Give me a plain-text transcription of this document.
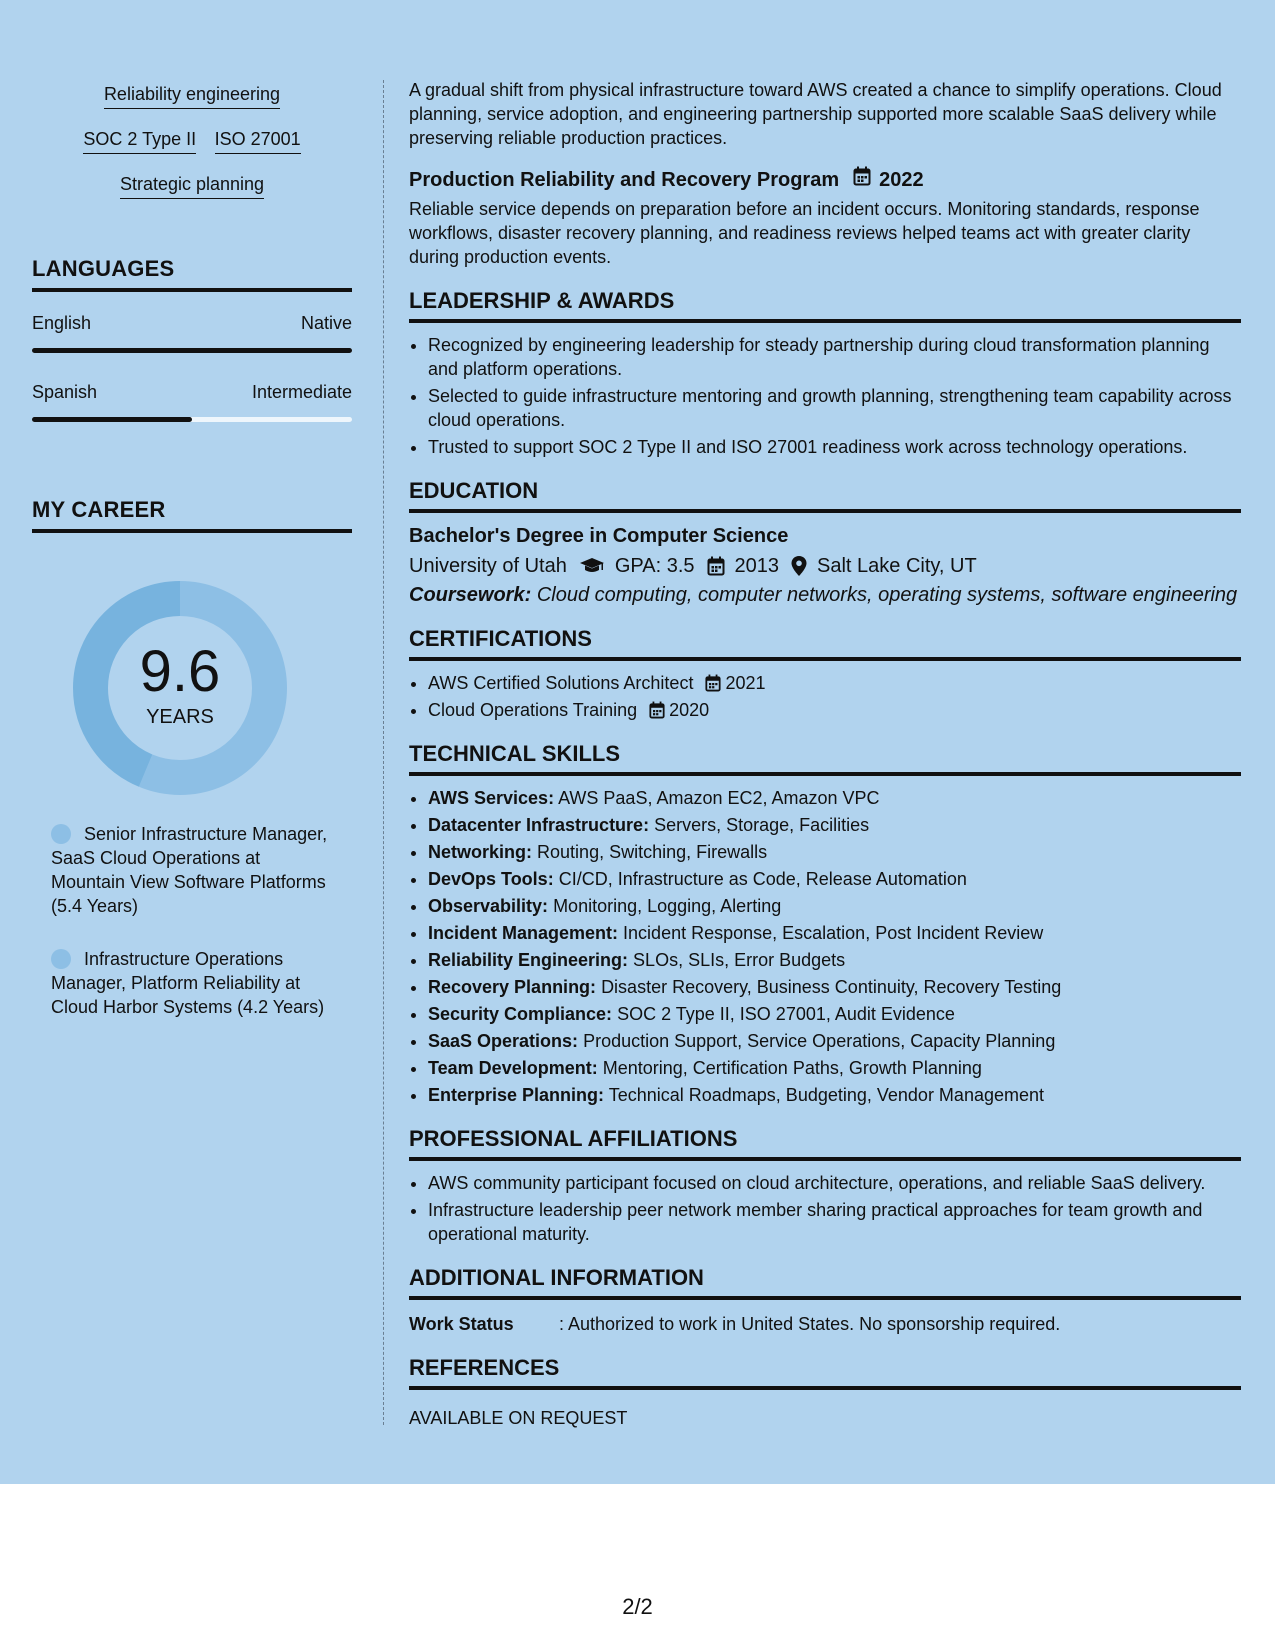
Reliability engineering
SOC 2 Type II ISO 27001
Strategic planning
LANGUAGES
English	Native
Spanish	Intermediate
MY CAREER
9.6
YEARS
Senior Infrastructure Manager, SaaS Cloud Operations at Mountain View Software Platforms (5.4 Years)
Infrastructure Operations Manager, Platform Reliability at Cloud Harbor Systems (4.2 Years)

A gradual shift from physical infrastructure toward AWS created a chance to simplify operations. Cloud planning, service adoption, and engineering partnership supported more scalable SaaS delivery while preserving reliable production practices.

Production Reliability and Recovery Program 2022

Reliable service depends on preparation before an incident occurs. Monitoring standards, response workflows, disaster recovery planning, and readiness reviews helped teams act with greater clarity during production events.

LEADERSHIP & AWARDS
• Recognized by engineering leadership for steady partnership during cloud transformation planning and platform operations.
• Selected to guide infrastructure mentoring and growth planning, strengthening team capability across cloud operations.
• Trusted to support SOC 2 Type II and ISO 27001 readiness work across technology operations.
EDUCATION
Bachelor's Degree in Computer Science
University of Utah GPA: 3.5 2013 Salt Lake City, UT
Coursework: Cloud computing, computer networks, operating systems, software engineering
CERTIFICATIONS
• AWS Certified Solutions Architect 2021
• Cloud Operations Training 2020
TECHNICAL SKILLS
• AWS Services: AWS PaaS, Amazon EC2, Amazon VPC
• Datacenter Infrastructure: Servers, Storage, Facilities
• Networking: Routing, Switching, Firewalls
• DevOps Tools: CI/CD, Infrastructure as Code, Release Automation
• Observability: Monitoring, Logging, Alerting
• Incident Management: Incident Response, Escalation, Post Incident Review
• Reliability Engineering: SLOs, SLIs, Error Budgets
• Recovery Planning: Disaster Recovery, Business Continuity, Recovery Testing
• Security Compliance: SOC 2 Type II, ISO 27001, Audit Evidence
• SaaS Operations: Production Support, Service Operations, Capacity Planning
• Team Development: Mentoring, Certification Paths, Growth Planning
• Enterprise Planning: Technical Roadmaps, Budgeting, Vendor Management
PROFESSIONAL AFFILIATIONS
• AWS community participant focused on cloud architecture, operations, and reliable SaaS delivery.
• Infrastructure leadership peer network member sharing practical approaches for team growth and operational maturity.
ADDITIONAL INFORMATION
Work Status	: Authorized to work in United States. No sponsorship required.
REFERENCES
AVAILABLE ON REQUEST
2/2
